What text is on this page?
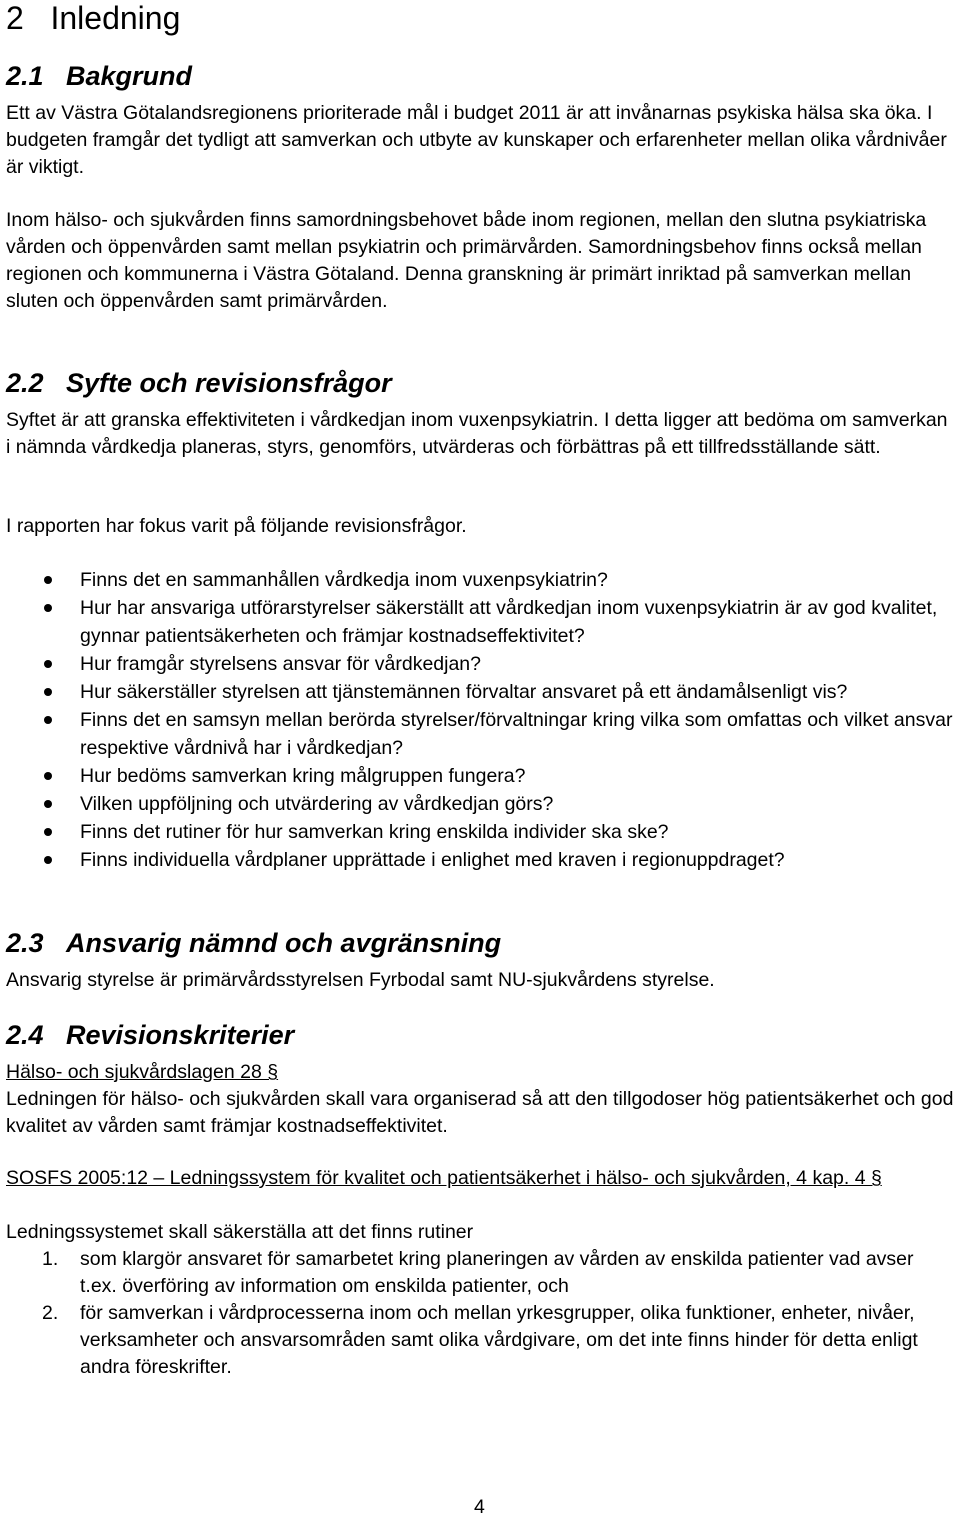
2 Inledning
2.1 Bakgrund

Ett av Västra Götalandsregionens prioriterade mål i budget 2011 är att invånarnas psykiska hälsa ska öka. I budgeten framgår det tydligt att samverkan och utbyte av kunskaper och erfarenheter mellan olika vårdnivåer är viktigt.

Inom hälso- och sjukvården finns samordningsbehovet både inom regionen, mellan den slutna psykiatriska vården och öppenvården samt mellan psykiatrin och primärvården. Samordningsbehov finns också mellan regionen och kommunerna i Västra Götaland. Denna granskning är primärt inriktad på samverkan mellan sluten och öppenvården samt primärvården.

2.2 Syfte och revisionsfrågor

Syftet är att granska effektiviteten i vårdkedjan inom vuxenpsykiatrin. I detta ligger att bedöma om samverkan i nämnda vårdkedja planeras, styrs, genomförs, utvärderas och förbättras på ett tillfredsställande sätt.

I rapporten har fokus varit på följande revisionsfrågor.

Finns det en sammanhållen vårdkedja inom vuxenpsykiatrin?
Hur har ansvariga utförarstyrelser säkerställt att vårdkedjan inom vuxenpsykiatrin är av god kvalitet, gynnar patientsäkerheten och främjar kostnadseffektivitet?
Hur framgår styrelsens ansvar för vårdkedjan?
Hur säkerställer styrelsen att tjänstemännen förvaltar ansvaret på ett ändamålsenligt vis?
Finns det en samsyn mellan berörda styrelser/förvaltningar kring vilka som omfattas och vilket ansvar respektive vårdnivå har i vårdkedjan?
Hur bedöms samverkan kring målgruppen fungera?
Vilken uppföljning och utvärdering av vårdkedjan görs?
Finns det rutiner för hur samverkan kring enskilda individer ska ske?
Finns individuella vårdplaner upprättade i enlighet med kraven i regionuppdraget?
2.3 Ansvarig nämnd och avgränsning

Ansvarig styrelse är primärvårdsstyrelsen Fyrbodal samt NU-sjukvårdens styrelse.

2.4 Revisionskriterier

Hälso- och sjukvårdslagen 28 §

Ledningen för hälso- och sjukvården skall vara organiserad så att den tillgodoser hög patientsäkerhet och god kvalitet av vården samt främjar kostnadseffektivitet.

SOSFS 2005:12 – Ledningssystem för kvalitet och patientsäkerhet i hälso- och sjukvården, 4 kap. 4 §

Ledningssystemet skall säkerställa att det finns rutiner

1. som klargör ansvaret för samarbetet kring planeringen av vården av enskilda patienter vad avser t.ex. överföring av information om enskilda patienter, och
2. för samverkan i vårdprocesserna inom och mellan yrkesgrupper, olika funktioner, enheter, nivåer, verksamheter och ansvarsområden samt olika vårdgivare, om det inte finns hinder för detta enligt andra föreskrifter.
4
